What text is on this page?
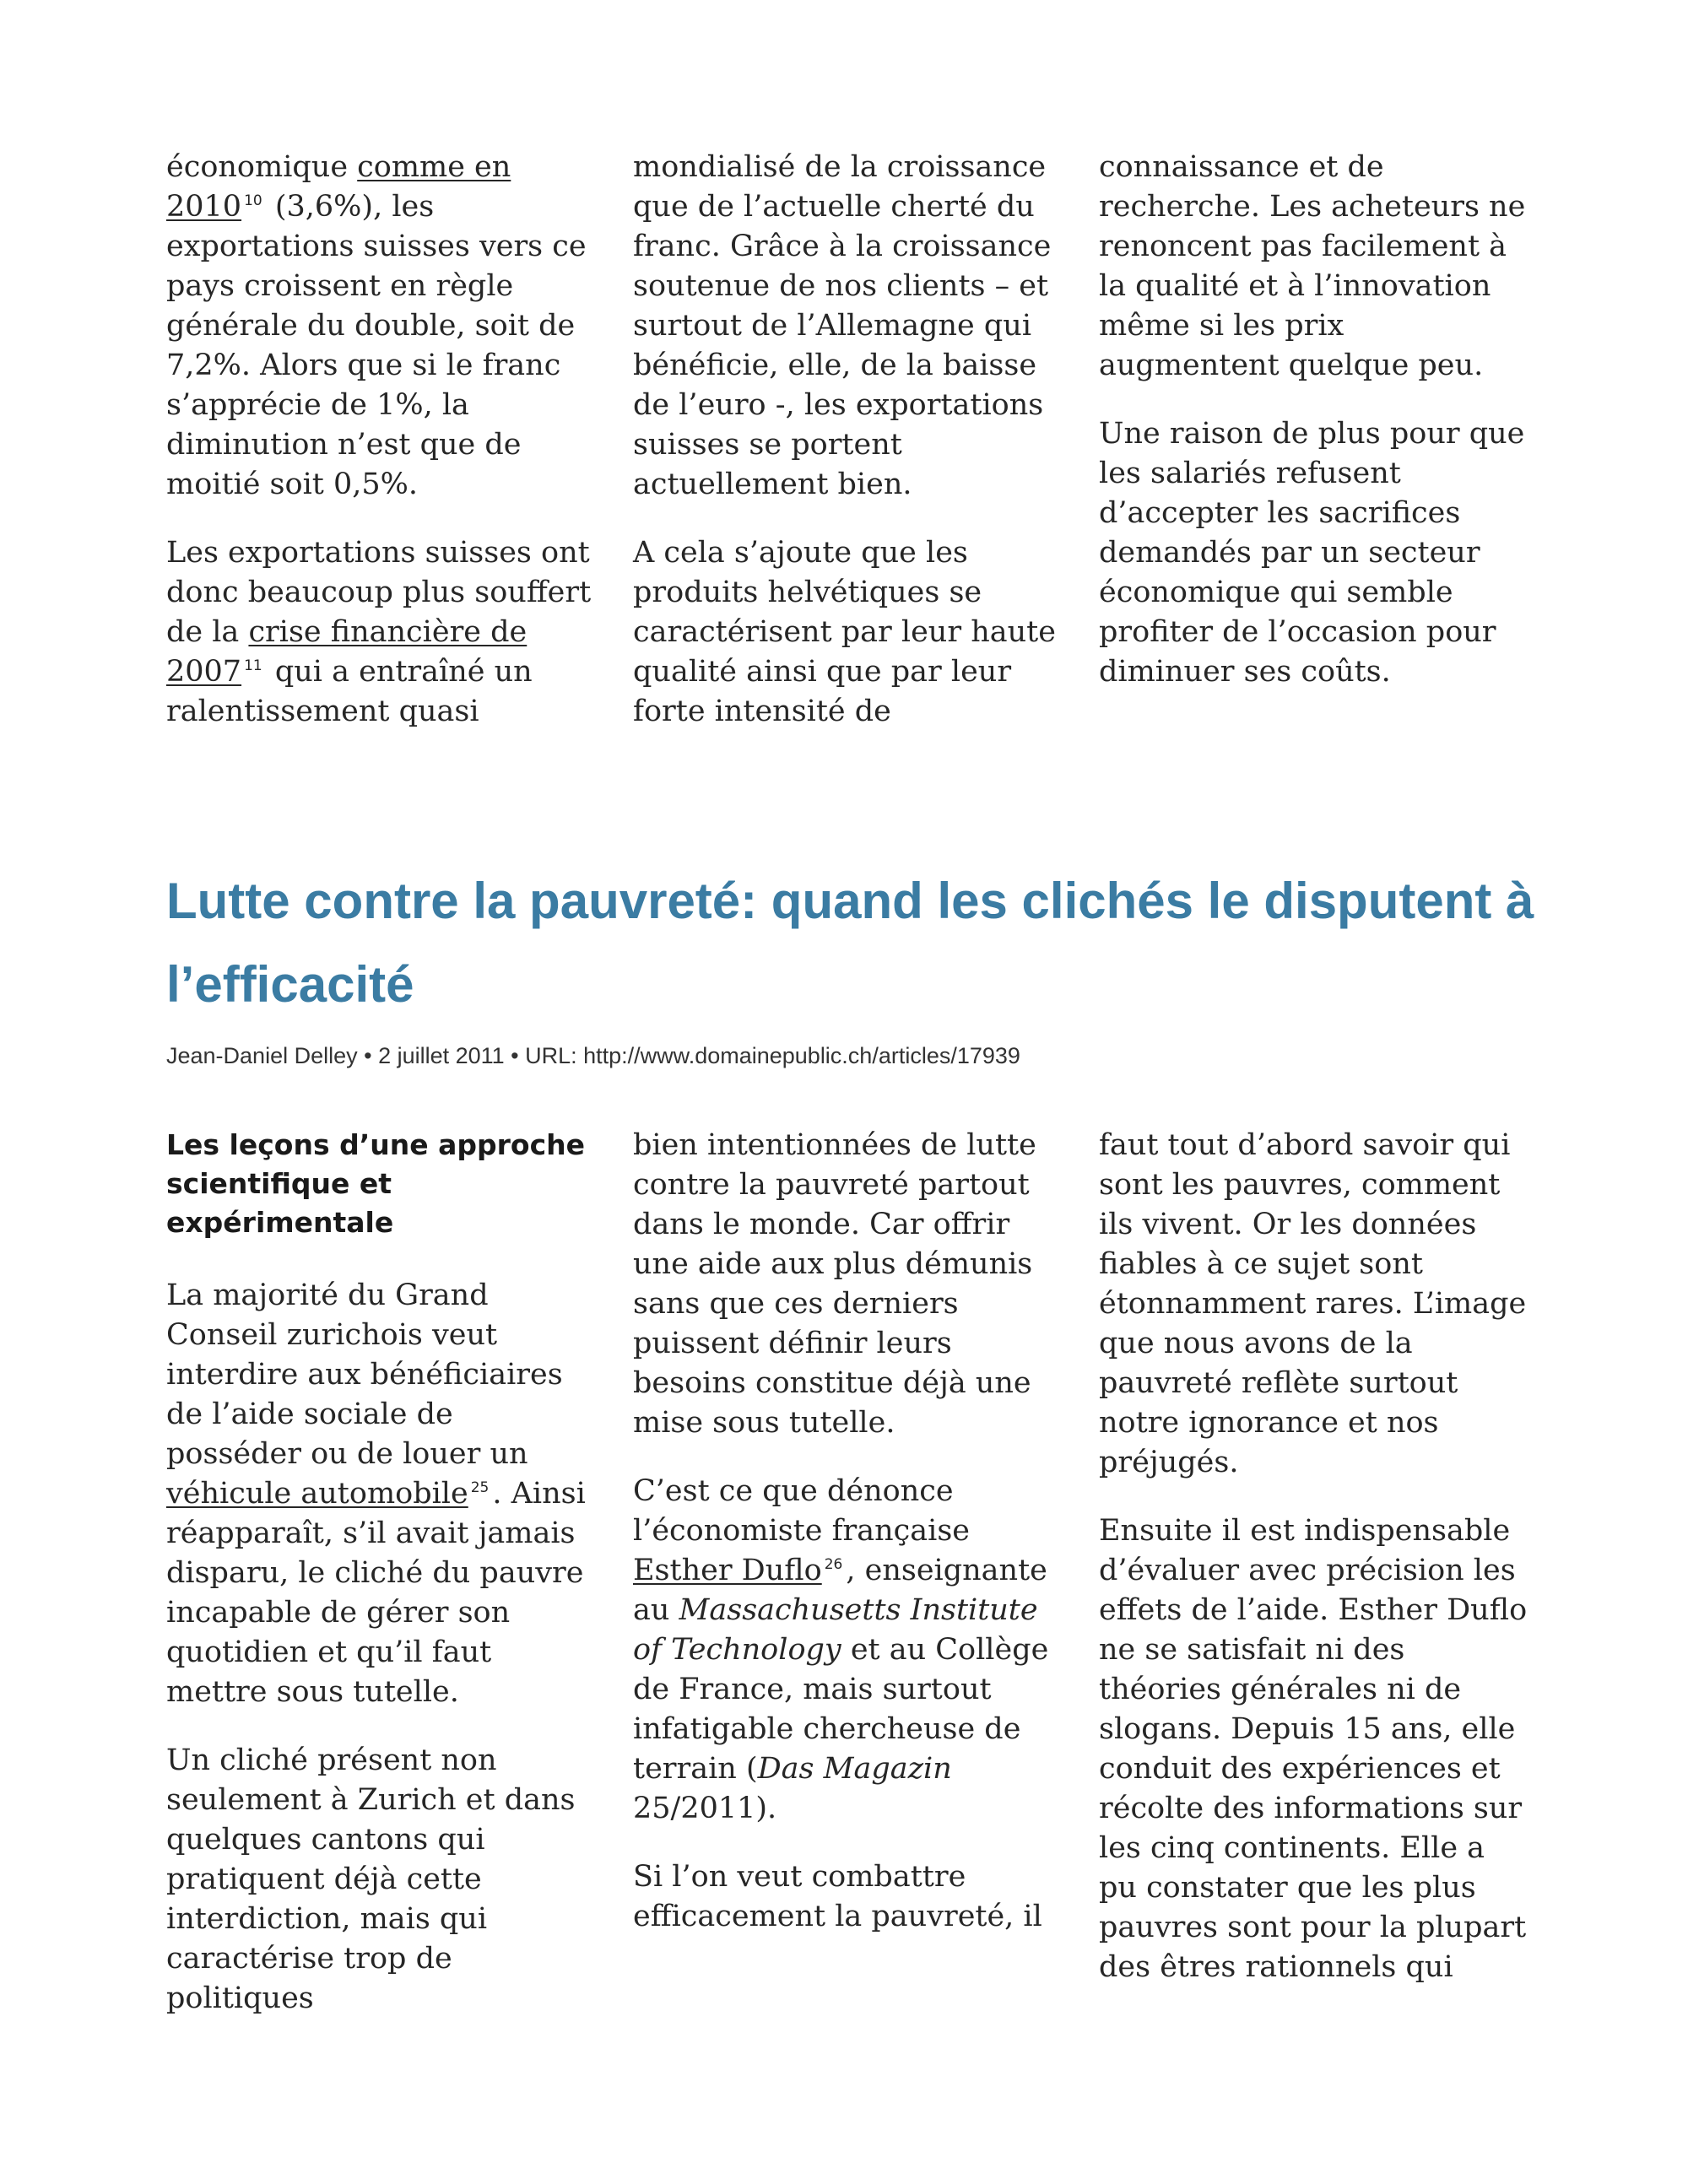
économique comme en 2010 $^{10}$ (3,6%), les exportations suisses vers ce pays croissent en règle générale du double, soit de 7,2%. Alors que si le franc s’apprécie de 1%, la diminution n’est que de moitié soit 0,5%.

Les exportations suisses ont donc beaucoup plus souffert de la crise financière de 2007 $^{11}$ qui a entraîné un ralentissement quasi

mondialisé de la croissance que de l’actuelle cherté du franc. Grâce à la croissance soutenue de nos clients – et surtout de l’Allemagne qui bénéficie, elle, de la baisse de l’euro -, les exportations suisses se portent actuellement bien.

A cela s’ajoute que les produits helvétiques se caractérisent par leur haute qualité ainsi que par leur forte intensité de

connaissance et de recherche. Les acheteurs ne renoncent pas facilement à la qualité et à l’innovation même si les prix augmentent quelque peu.

Une raison de plus pour que les salariés refusent d’accepter les sacrifices demandés par un secteur économique qui semble profiter de l’occasion pour diminuer ses coûts.

Lutte contre la pauvreté: quand les clichés le disputent à l’efficacité

Jean-Daniel Delley • 2 juillet 2011 • URL: http://www.domainepublic.ch/articles/17939

Les leçons d’une approche scientifique et expérimentale

La majorité du Grand Conseil zurichois veut interdire aux bénéficiaires de l’aide sociale de posséder ou de louer un véhicule automobile $^{25}$ . Ainsi réapparaît, s’il avait jamais disparu, le cliché du pauvre incapable de gérer son quotidien et qu’il faut mettre sous tutelle.

Un cliché présent non seulement à Zurich et dans quelques cantons qui pratiquent déjà cette interdiction, mais qui caractérise trop de politiques

bien intentionnées de lutte contre la pauvreté partout dans le monde. Car offrir une aide aux plus démunis sans que ces derniers puissent définir leurs besoins constitue déjà une mise sous tutelle.

C’est ce que dénonce l’économiste française Esther Duflo $^{26}$ , enseignante au Massachusetts Institute of Technology et au Collège de France, mais surtout infatigable chercheuse de terrain (Das Magazin 25/2011).

Si l’on veut combattre efficacement la pauvreté, il

faut tout d’abord savoir qui sont les pauvres, comment ils vivent. Or les données fiables à ce sujet sont étonnamment rares. L’image que nous avons de la pauvreté reflète surtout notre ignorance et nos préjugés.

Ensuite il est indispensable d’évaluer avec précision les effets de l’aide. Esther Duflo ne se satisfait ni des théories générales ni de slogans. Depuis 15 ans, elle conduit des expériences et récolte des informations sur les cinq continents. Elle a pu constater que les plus pauvres sont pour la plupart des êtres rationnels qui
